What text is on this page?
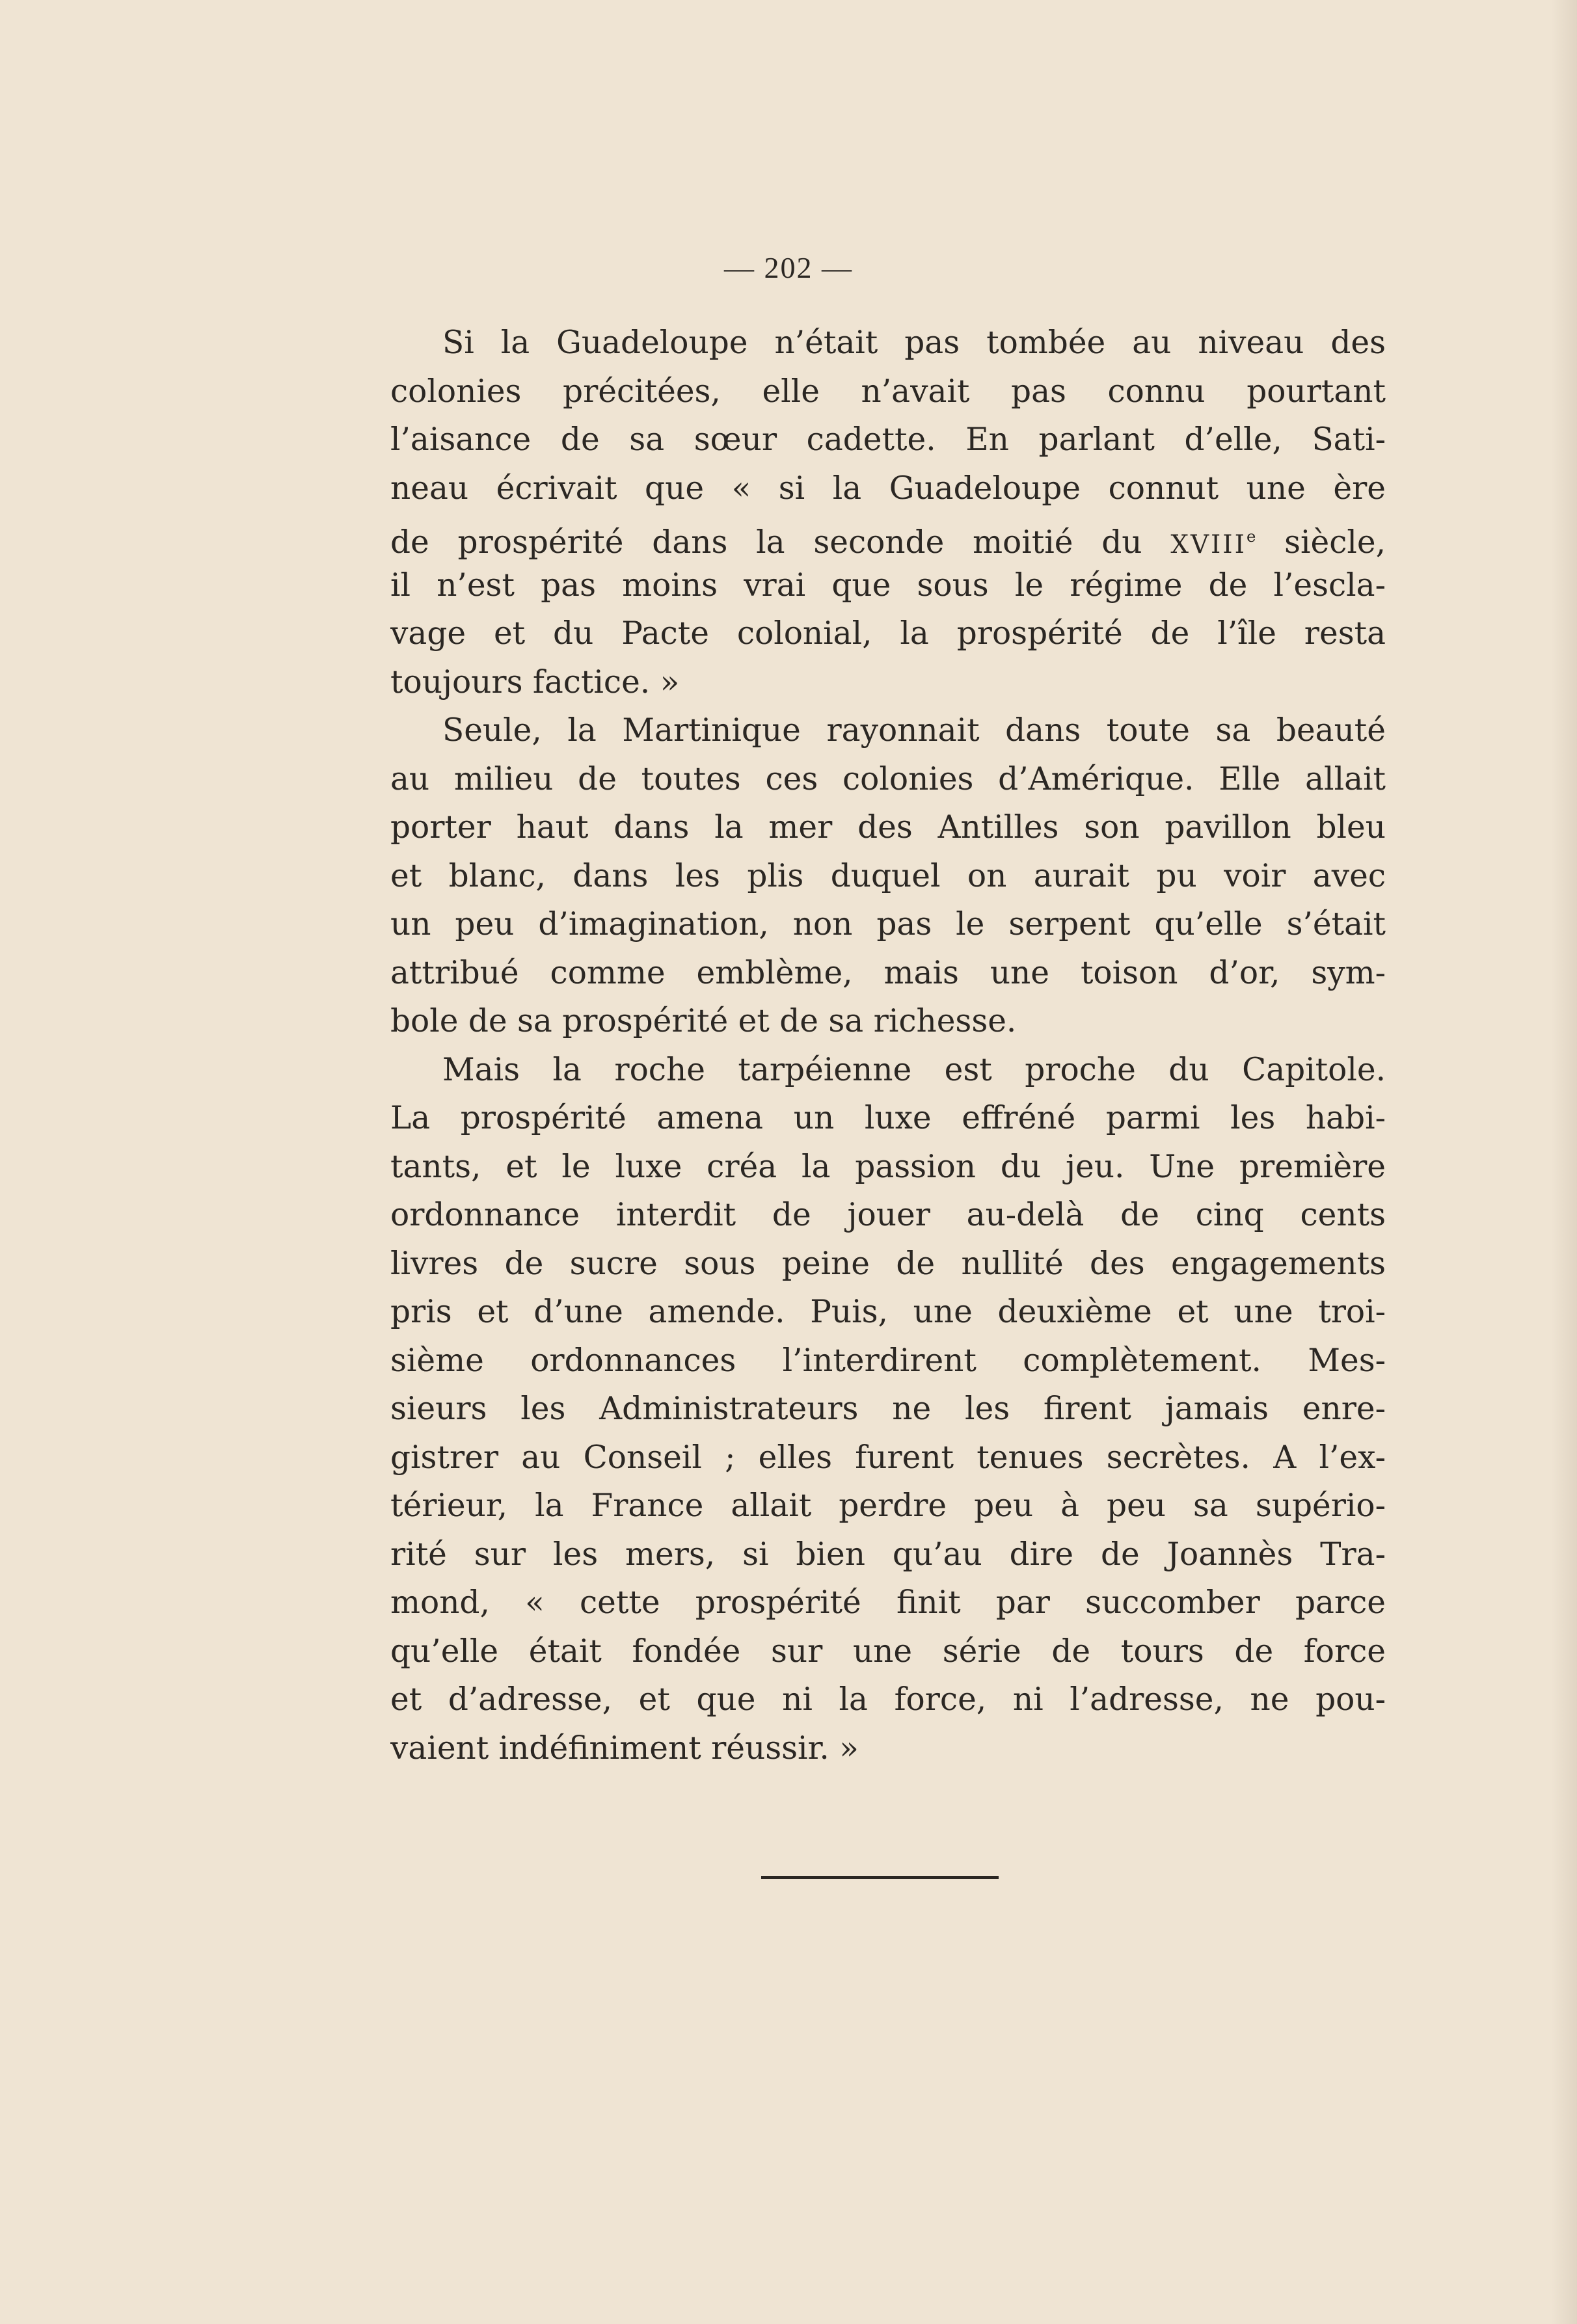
— 202 —
Si la Guadeloupe n’était pas tombée au niveau des
colonies précitées, elle n’avait pas connu pourtant
l’aisance de sa sœur cadette. En parlant d’elle, Sati-
neau écrivait que « si la Guadeloupe connut une ère
de prospérité dans la seconde moitié du XVIIIe siècle,
il n’est pas moins vrai que sous le régime de l’escla-
vage et du Pacte colonial, la prospérité de l’île resta
toujours factice. »
Seule, la Martinique rayonnait dans toute sa beauté
au milieu de toutes ces colonies d’Amérique. Elle allait
porter haut dans la mer des Antilles son pavillon bleu
et blanc, dans les plis duquel on aurait pu voir avec
un peu d’imagination, non pas le serpent qu’elle s’était
attribué comme emblème, mais une toison d’or, sym-
bole de sa prospérité et de sa richesse.
Mais la roche tarpéienne est proche du Capitole.
La prospérité amena un luxe effréné parmi les habi-
tants, et le luxe créa la passion du jeu. Une première
ordonnance interdit de jouer au-delà de cinq cents
livres de sucre sous peine de nullité des engagements
pris et d’une amende. Puis, une deuxième et une troi-
sième ordonnances l’interdirent complètement. Mes-
sieurs les Administrateurs ne les firent jamais enre-
gistrer au Conseil ; elles furent tenues secrètes. A l’ex-
térieur, la France allait perdre peu à peu sa supério-
rité sur les mers, si bien qu’au dire de Joannès Tra-
mond, « cette prospérité finit par succomber parce
qu’elle était fondée sur une série de tours de force
et d’adresse, et que ni la force, ni l’adresse, ne pou-
vaient indéfiniment réussir. »
